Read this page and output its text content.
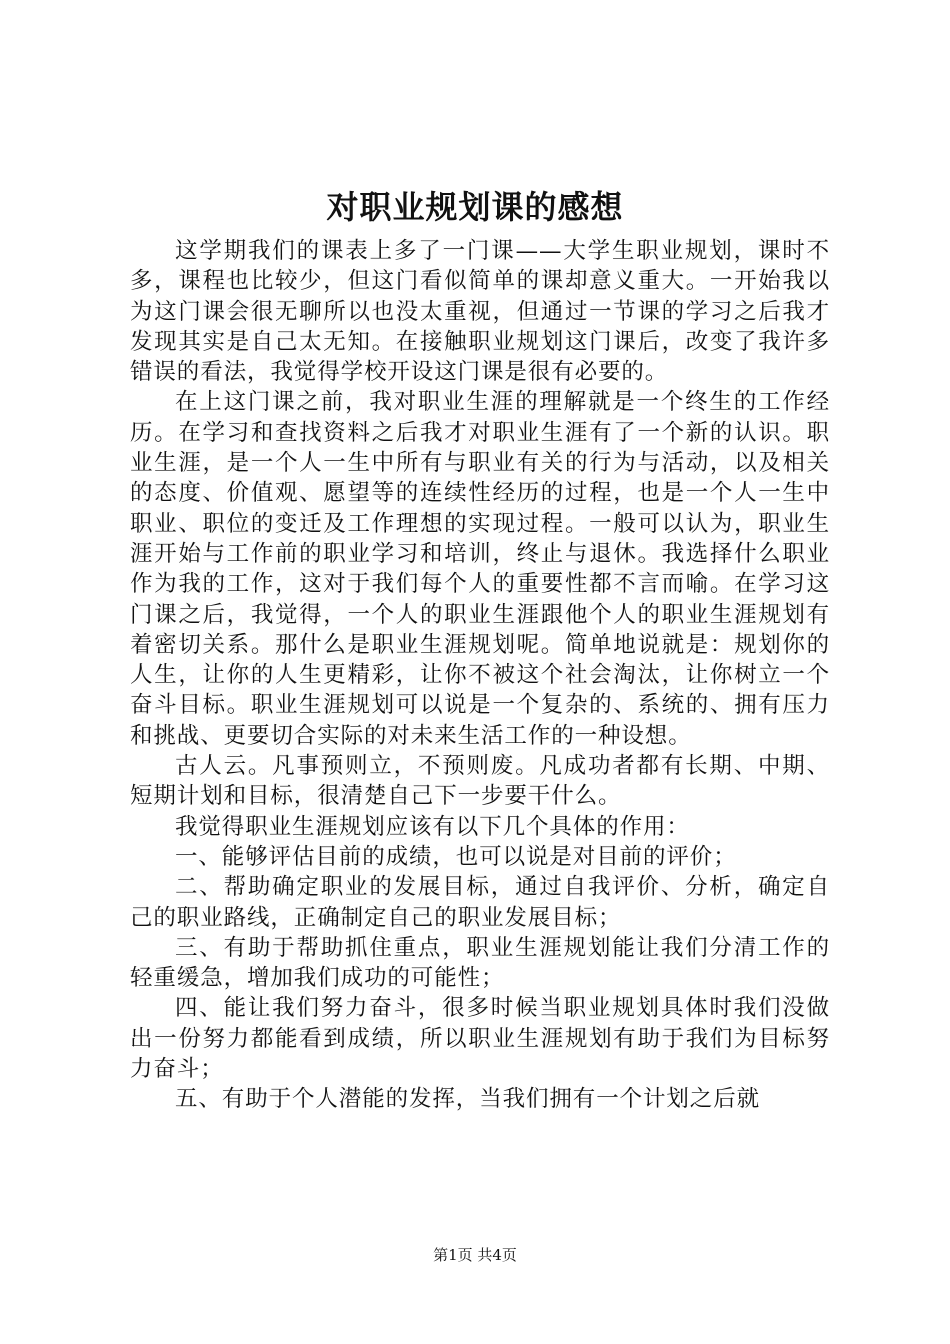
对职业规划课的感想

这学期我们的课表上多了一门课——大学生职业规划，课时不多，课程也比较少，但这门看似简单的课却意义重大。一开始我以为这门课会很无聊所以也没太重视，但通过一节课的学习之后我才发现其实是自己太无知。在接触职业规划这门课后，改变了我许多错误的看法，我觉得学校开设这门课是很有必要的。

在上这门课之前，我对职业生涯的理解就是一个终生的工作经历。在学习和查找资料之后我才对职业生涯有了一个新的认识。职业生涯，是一个人一生中所有与职业有关的行为与活动，以及相关的态度、价值观、愿望等的连续性经历的过程，也是一个人一生中职业、职位的变迁及工作理想的实现过程。一般可以认为，职业生涯开始与工作前的职业学习和培训，终止与退休。我选择什么职业作为我的工作，这对于我们每个人的重要性都不言而喻。在学习这门课之后，我觉得，一个人的职业生涯跟他个人的职业生涯规划有着密切关系。那什么是职业生涯规划呢。简单地说就是：规划你的人生，让你的人生更精彩，让你不被这个社会淘汰，让你树立一个奋斗目标。职业生涯规划可以说是一个复杂的、系统的、拥有压力和挑战、更要切合实际的对未来生活工作的一种设想。

古人云。凡事预则立，不预则废。凡成功者都有长期、中期、短期计划和目标，很清楚自己下一步要干什么。

我觉得职业生涯规划应该有以下几个具体的作用：

一、能够评估目前的成绩，也可以说是对目前的评价；

二、帮助确定职业的发展目标，通过自我评价、分析，确定自己的职业路线，正确制定自己的职业发展目标；

三、有助于帮助抓住重点，职业生涯规划能让我们分清工作的轻重缓急，增加我们成功的可能性；

四、能让我们努力奋斗，很多时候当职业规划具体时我们没做出一份努力都能看到成绩，所以职业生涯规划有助于我们为目标努力奋斗；

五、有助于个人潜能的发挥，当我们拥有一个计划之后就

第1页 共4页
